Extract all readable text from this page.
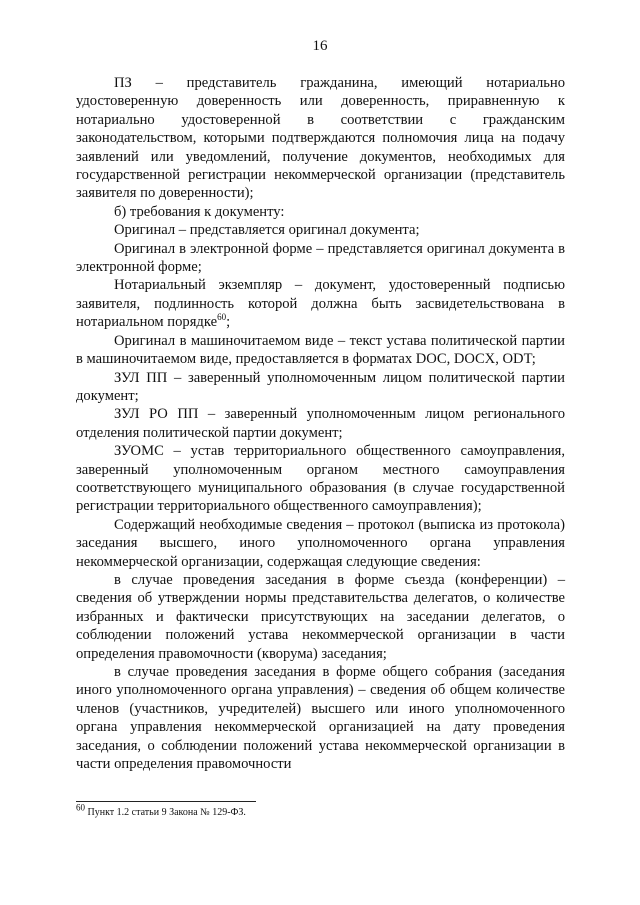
16

ПЗ – представитель гражданина, имеющий нотариально удостоверенную доверенность или доверенность, приравненную к нотариально удостоверенной в соответствии с гражданским законодательством, которыми подтверждаются полномочия лица на подачу заявлений или уведомлений, получение документов, необходимых для государственной регистрации некоммерческой организации (представитель заявителя по доверенности);

б) требования к документу:

Оригинал – представляется оригинал документа;

Оригинал в электронной форме – представляется оригинал документа в электронной форме;

Нотариальный экземпляр – документ, удостоверенный подписью заявителя, подлинность которой должна быть засвидетельствована в нотариальном порядке$^{60}$;

Оригинал в машиночитаемом виде – текст устава политической партии в машиночитаемом виде, предоставляется в форматах DOC, DOCX, ODT;

ЗУЛ ПП – заверенный уполномоченным лицом политической партии документ;

ЗУЛ РО ПП – заверенный уполномоченным лицом регионального отделения политической партии документ;

ЗУОМС – устав территориального общественного самоуправления, заверенный уполномоченным органом местного самоуправления соответствующего муниципального образования (в случае государственной регистрации территориального общественного самоуправления);

Содержащий необходимые сведения – протокол (выписка из протокола) заседания высшего, иного уполномоченного органа управления некоммерческой организации, содержащая следующие сведения:

в случае проведения заседания в форме съезда (конференции) – сведения об утверждении нормы представительства делегатов, о количестве избранных и фактически присутствующих на заседании делегатов, о соблюдении положений устава некоммерческой организации в части определения правомочности (кворума) заседания;

в случае проведения заседания в форме общего собрания (заседания иного уполномоченного органа управления) – сведения об общем количестве членов (участников, учредителей) высшего или иного уполномоченного органа управления некоммерческой организацией на дату проведения заседания, о соблюдении положений устава некоммерческой организации в части определения правомочности

$^{60}$ Пункт 1.2 статьи 9 Закона № 129-ФЗ.
